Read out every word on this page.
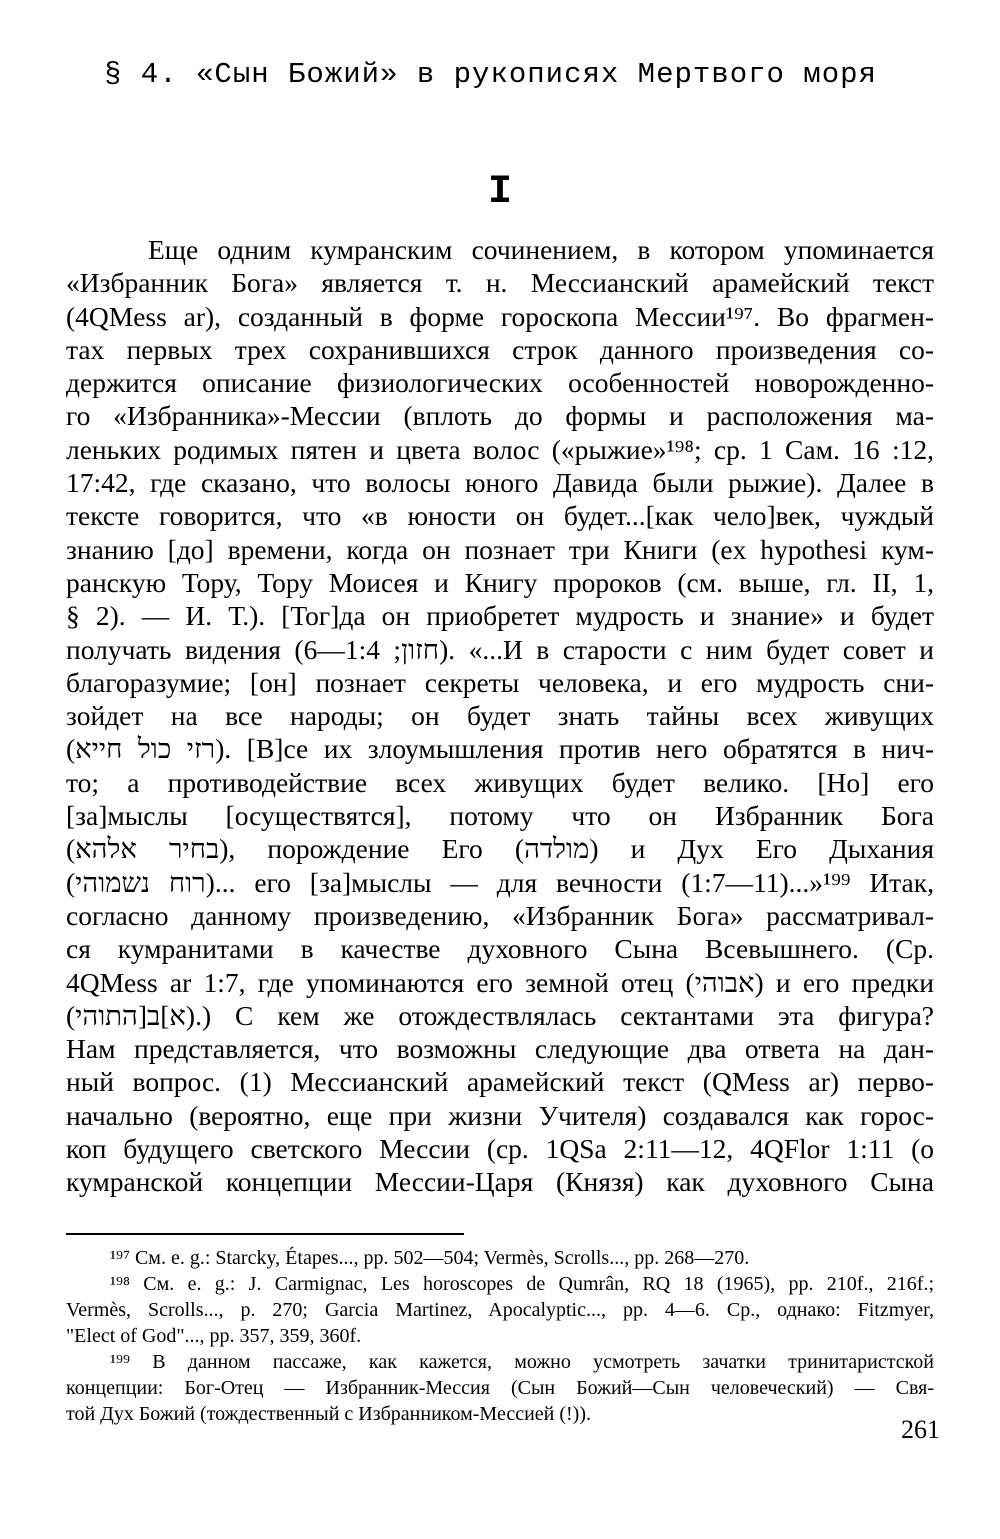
§ 4. «Сын Божий» в рукописях Мертвого моря
I
Еще одним кумранским сочинением, в котором упоминается
«Избранник Бога» является т. н. Мессианский арамейский текст
(4QMess ar), созданный в форме гороскопа Мессии¹⁹⁷. Во фрагмен-
тах первых трех сохранившихся строк данного произведения со-
держится описание физиологических особенностей новорожденно-
го «Избранника»-Мессии (вплоть до формы и расположения ма-
леньких родимых пятен и цвета волос («рыжие»¹⁹⁸; ср. 1 Сам. 16 :12,
17:42, где сказано, что волосы юного Давида были рыжие). Далее в
тексте говорится, что «в юности он будет...[как чело]век, чуждый
знанию [до] времени, когда он познает три Книги (ex hypothesi кум-
ранскую Тору, Тору Моисея и Книгу пророков (см. выше, гл. II, 1,
§ 2). — И. Т.). [Тог]да он приобретет мудрость и знание» и будет
получать видения (חזון; 1:4—6). «...И в старости с ним будет совет и
благоразумие; [он] познает секреты человека, и его мудрость сни-
зойдет на все народы; он будет знать тайны всех живущих
(רזי כול חייא). [В]се их злоумышления против него обратятся в нич-
то; а противодействие всех живущих будет велико. [Но] его
[за]мыслы [осуществятся], потому что он Избранник Бога
(בחיר אלהא), порождение Его (מולדה) и Дух Его Дыхания
(רוח נשמוהי)... его [за]мыслы — для вечности (1:7—11)...»¹⁹⁹ Итак,
согласно данному произведению, «Избранник Бога» рассматривал-
ся кумранитами в качестве духовного Сына Всевышнего. (Ср.
4QMess ar 1:7, где упоминаются его земной отец (אבוהי) и его предки
(א]ב[התוהי).) С кем же отождествлялась сектантами эта фигура?
Нам представляется, что возможны следующие два ответа на дан-
ный вопрос. (1) Мессианский арамейский текст (QMess ar) перво-
начально (вероятно, еще при жизни Учителя) создавался как горос-
коп будущего светского Мессии (ср. 1QSa 2:11—12, 4QFlor 1:11 (о
кумранской концепции Мессии-Царя (Князя) как духовного Сына
¹⁹⁷ См. e. g.: Starcky, Étapes..., pp. 502—504; Vermès, Scrolls..., pp. 268—270.
¹⁹⁸ См. e. g.: J. Carmignac, Les horoscopes de Qumrân, RQ 18 (1965), pp. 210f., 216f.;
Vermès, Scrolls..., p. 270; Garcia Martinez, Apocalyptic..., pp. 4—6. Ср., однако: Fitzmyer,
"Elect of God"..., pp. 357, 359, 360f.
¹⁹⁹ В данном пассаже, как кажется, можно усмотреть зачатки тринитаристской
концепции: Бог-Отец — Избранник-Мессия (Сын Божий—Сын человеческий) — Свя-
той Дух Божий (тождественный с Избранником-Мессией (!)).
261
